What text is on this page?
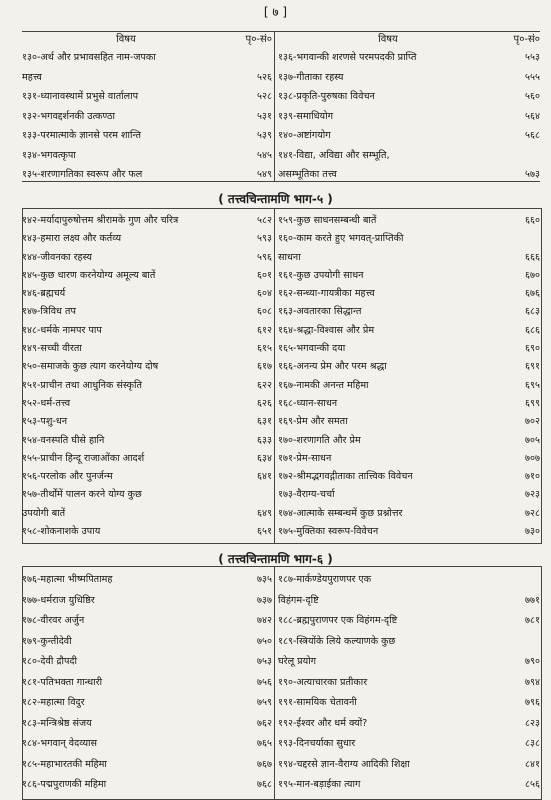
[ ७ ]
विषय	पृ०-सं०
१३०-अर्थ और प्रभावसहित नाम-जपका
महत्त्व	५२६
१३१-ध्यानावस्थामें प्रभुसे वार्तालाप	५२८
१३२-भगवद्दर्शनकी उत्कण्ठा	५३१
१३३-परमात्माके ज्ञानसे परम शान्ति	५३९
१३४-भगवत्कृपा	५४५
१३५-शरणागतिका स्वरूप और फल	५४९
विषय	पृ०-सं०
१३६-भगवान्की शरणसे परमपदकी प्राप्ति	५५३
१३७-गीताका रहस्य	५५५
१३८-प्रकृति-पुरुषका विवेचन	५६०
१३९-समाधियोग	५६४
१४०-अष्टांगयोग	५६८
१४१-विद्या, अविद्या और सम्भूति,
असम्भूतिका तत्त्व	५७३
( तत्त्वचिन्तामणि भाग-५ )
१४२-मर्यादापुरुषोत्तम श्रीरामके गुण और चरित्र	५८२
१४३-हमारा लक्ष्य और कर्तव्य	५९३
१४४-जीवनका रहस्य	५९६
१४५-कुछ धारण करनेयोग्य अमूल्य बातें	६०१
१४६-ब्रह्मचर्य	६०४
१४७-त्रिविध तप	६०८
१४८-धर्मके नामपर पाप	६१२
१४९-सच्ची वीरता	६१५
१५०-समाजके कुछ त्याग करनेयोग्य दोष	६१७
१५१-प्राचीन तथा आधुनिक संस्कृति	६२२
१५२-धर्म-तत्त्व	६२६
१५३-पशु-धन	६३१
१५४-वनस्पति घीसे हानि	६३३
१५५-प्राचीन हिन्दू राजाओंका आदर्श	६३४
१५६-परलोक और पुनर्जन्म	६४१
१५७-तीर्थोंमें पालन करने योग्य कुछ
उपयोगी बातें	६४९
१५८-शोकनाशके उपाय	६५१
१५९-कुछ साधनसम्बन्धी बातें	६६०
१६०-काम करते हुए भगवत्-प्राप्तिकी
साधना	६६६
१६१-कुछ उपयोगी साधन	६७०
१६२-सन्ध्या-गायत्रीका महत्त्व	६७६
१६३-अवतारका सिद्धान्त	६८३
१६४-श्रद्धा-विश्वास और प्रेम	६८६
१६५-भगवान्की दया	६९०
१६६-अनन्य प्रेम और परम श्रद्धा	६९१
१६७-नामकी अनन्त महिमा	६९५
१६८-ध्यान-साधन	६९९
१६९-प्रेम और समता	७०२
१७०-शरणागति और प्रेम	७०५
१७१-प्रेम-साधन	७०७
१७२-श्रीमद्भगवद्गीताका तात्त्विक विवेचन	७१०
१७३-वैराग्य-चर्चा	७२३
१७४-आत्माके सम्बन्धमें कुछ प्रश्नोत्तर	७२८
१७५-मुक्तिका स्वरूप-विवेचन	७३०
( तत्त्वचिन्तामणि भाग-६ )
१७६-महात्मा भीष्मपितामह	७३५
१७७-धर्मराज युधिष्ठिर	७३७
१७८-वीरवर अर्जुन	७४२
१७९-कुन्तीदेवी	७५०
१८०-देवी द्रौपदी	७५३
१८१-पतिभक्ता गान्धारी	७५६
१८२-महात्मा विदुर	७५९
१८३-मन्त्रिश्रेष्ठ संजय	७६२
१८४-भगवान् वेदव्यास	७६५
१८५-महाभारतकी महिमा	७६७
१८६-पद्मपुराणकी महिमा	७६८
१८७-मार्कण्डेयपुराणपर एक
विहंगम-दृष्टि	७७१
१८८-ब्रह्मपुराणपर एक विहंगम-दृष्टि	७८१
१८९-स्त्रियोंके लिये कल्याणके कुछ
घरेलू प्रयोग	७९०
१९०-अत्याचारका प्रतीकार	७९४
१९१-सामयिक चेतावनी	७९६
१९२-ईश्वर और धर्म क्यों?	८२३
१९३-दिनचर्याका सुधार	८३८
१९४-चद्दरसे ज्ञान-वैराग्य आदिकी शिक्षा	८४१
१९५-मान-बड़ाईका त्याग	८५६
